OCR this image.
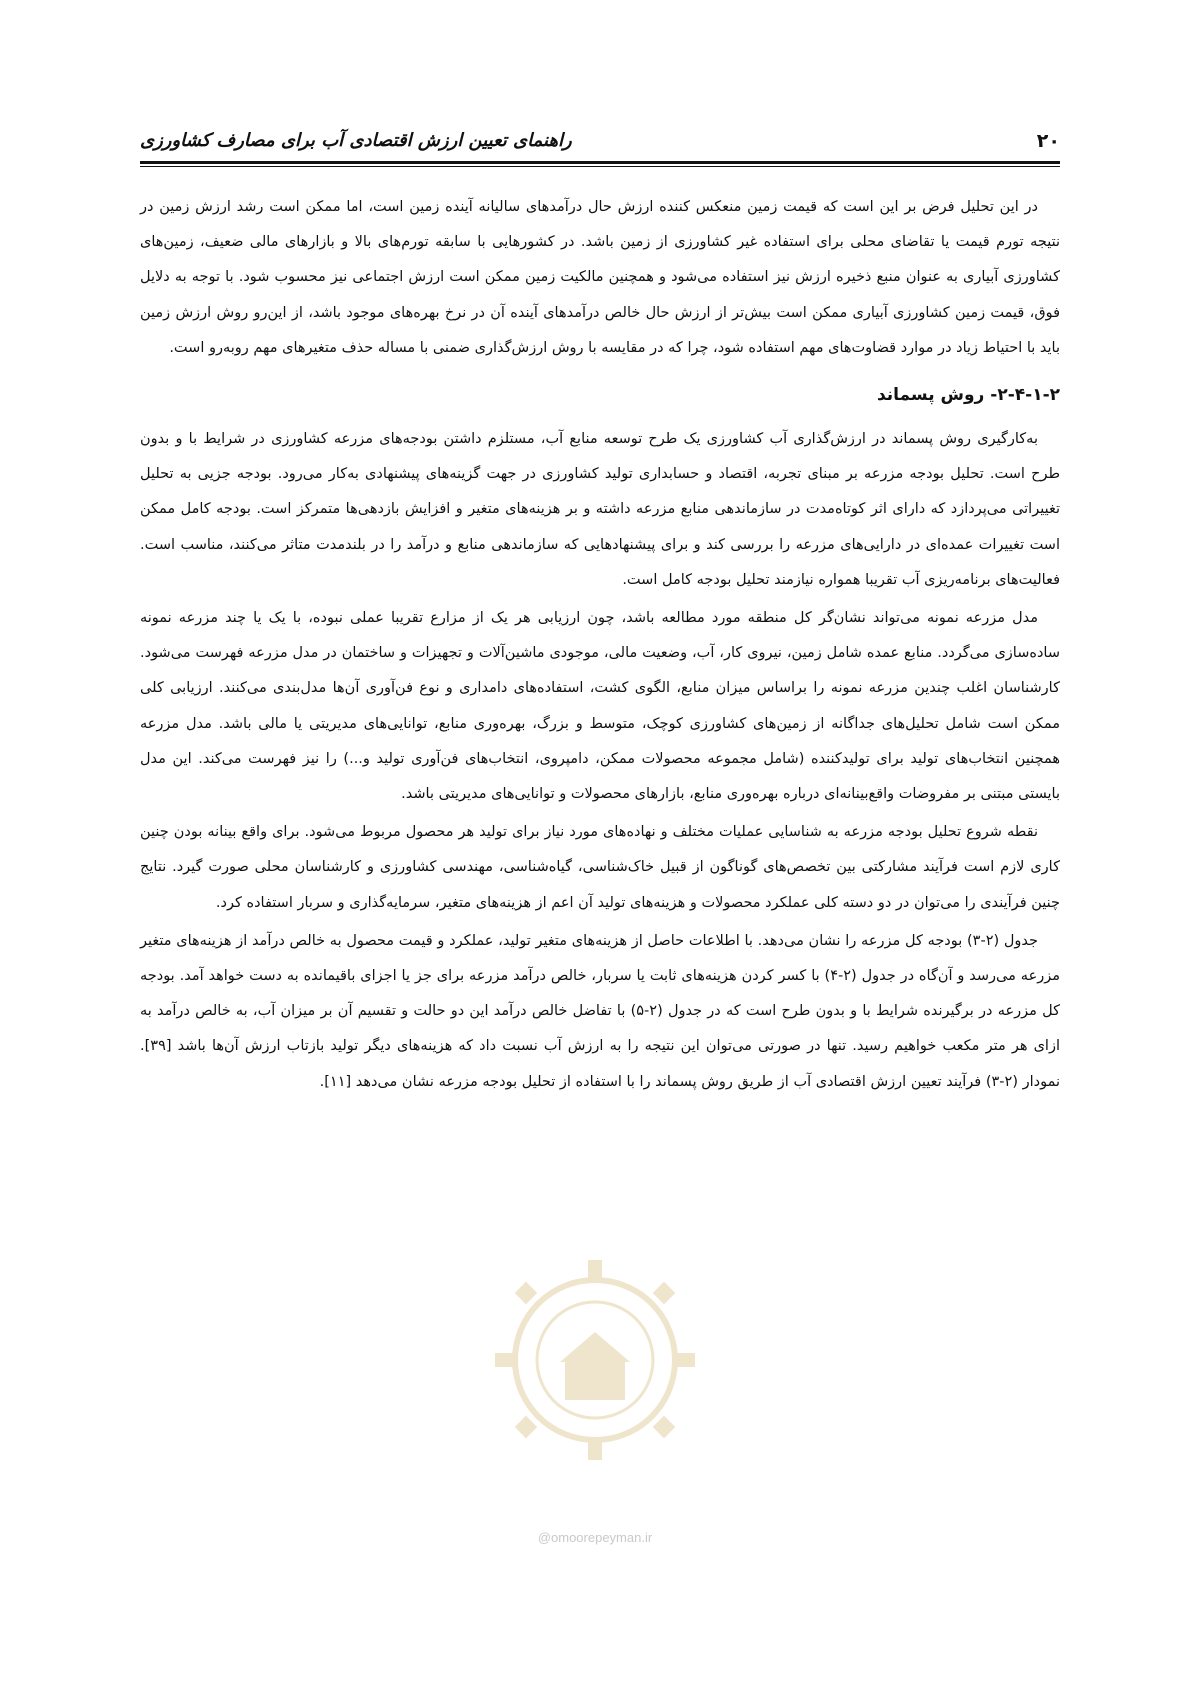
۲۰
راهنمای تعیین ارزش اقتصادی آب برای مصارف کشاورزی

در این تحلیل فرض بر این است که قیمت زمین منعکس کننده ارزش حال درآمدهای سالیانه آینده زمین است، اما ممکن است رشد ارزش زمین در نتیجه تورم قیمت یا تقاضای محلی برای استفاده غیر کشاورزی از زمین باشد. در کشورهایی با سابقه تورم‌های بالا و بازارهای مالی ضعیف، زمین‌های کشاورزی آبیاری به عنوان منبع ذخیره ارزش نیز استفاده می‌شود و همچنین مالکیت زمین ممکن است ارزش اجتماعی نیز محسوب شود. با توجه به دلایل فوق، قیمت زمین کشاورزی آبیاری ممکن است بیش‌تر از ارزش حال خالص درآمدهای آینده آن در نرخ بهره‌های موجود باشد، از این‌رو روش ارزش زمین باید با احتیاط زیاد در موارد قضاوت‌های مهم استفاده شود، چرا که در مقایسه با روش ارزش‌گذاری ضمنی با مساله حذف متغیرهای مهم روبه‌رو است.

۲-۴-۱-۲- روش پسماند

به‌کارگیری روش پسماند در ارزش‌گذاری آب کشاورزی یک طرح توسعه منابع آب، مستلزم داشتن بودجه‌های مزرعه کشاورزی در شرایط با و بدون طرح است. تحلیل بودجه مزرعه بر مبنای تجربه، اقتصاد و حسابداری تولید کشاورزی در جهت گزینه‌های پیشنهادی به‌کار می‌رود. بودجه جزیی به تحلیل تغییراتی می‌پردازد که دارای اثر کوتاه‌مدت در سازماندهی منابع مزرعه داشته و بر هزینه‌های متغیر و افزایش بازدهی‌ها متمرکز است. بودجه کامل ممکن است تغییرات عمده‌ای در دارایی‌های مزرعه را بررسی کند و برای پیشنهادهایی که سازماندهی منابع و درآمد را در بلندمدت متاثر می‌کنند، مناسب است. فعالیت‌های برنامه‌ریزی آب تقریبا همواره نیازمند تحلیل بودجه کامل است.

مدل مزرعه نمونه می‌تواند نشان‌گر کل منطقه مورد مطالعه باشد، چون ارزیابی هر یک از مزارع تقریبا عملی نبوده، با یک یا چند مزرعه نمونه ساده‌سازی می‌گردد. منابع عمده شامل زمین، نیروی کار، آب، وضعیت مالی، موجودی ماشین‌آلات و تجهیزات و ساختمان در مدل مزرعه فهرست می‌شود. کارشناسان اغلب چندین مزرعه نمونه را براساس میزان منابع، الگوی کشت، استفاده‌های دامداری و نوع فن‌آوری آن‌ها مدل‌بندی می‌کنند. ارزیابی کلی ممکن است شامل تحلیل‌های جداگانه از زمین‌های کشاورزی کوچک، متوسط و بزرگ، بهره‌وری منابع، توانایی‌های مدیریتی یا مالی باشد. مدل مزرعه همچنین انتخاب‌های تولید برای تولیدکننده (شامل مجموعه محصولات ممکن، دامپروی، انتخاب‌های فن‌آوری تولید و...) را نیز فهرست می‌کند. این مدل بایستی مبتنی بر مفروضات واقع‌بینانه‌ای درباره بهره‌وری منابع، بازارهای محصولات و توانایی‌های مدیریتی باشد.

نقطه شروع تحلیل بودجه مزرعه به شناسایی عملیات مختلف و نهاده‌های مورد نیاز برای تولید هر محصول مربوط می‌شود. برای واقع بینانه بودن چنین کاری لازم است فرآیند مشارکتی بین تخصص‌های گوناگون از قبیل خاک‌شناسی، گیاه‌شناسی، مهندسی کشاورزی و کارشناسان محلی صورت گیرد. نتایج چنین فرآیندی را می‌توان در دو دسته کلی عملکرد محصولات و هزینه‌های تولید آن اعم از هزینه‌های متغیر، سرمایه‌گذاری و سربار استفاده کرد.

جدول (۲-۳) بودجه کل مزرعه را نشان می‌دهد. با اطلاعات حاصل از هزینه‌های متغیر تولید، عملکرد و قیمت محصول به خالص درآمد از هزینه‌های متغیر مزرعه می‌رسد و آن‌گاه در جدول (۲-۴) با کسر کردن هزینه‌های ثابت یا سربار، خالص درآمد مزرعه برای جز یا اجزای باقیمانده به دست خواهد آمد. بودجه کل مزرعه در برگیرنده شرایط با و بدون طرح است که در جدول (۲-۵) با تفاضل خالص درآمد این دو حالت و تقسیم آن بر میزان آب، به خالص درآمد به ازای هر متر مکعب خواهیم رسید. تنها در صورتی می‌توان این نتیجه را به ارزش آب نسبت داد که هزینه‌های دیگر تولید بازتاب ارزش آن‌ها باشد [۳۹]. نمودار (۲-۳) فرآیند تعیین ارزش اقتصادی آب از طریق روش پسماند را با استفاده از تحلیل بودجه مزرعه نشان می‌دهد [۱۱].

@omoorepeyman.ir
